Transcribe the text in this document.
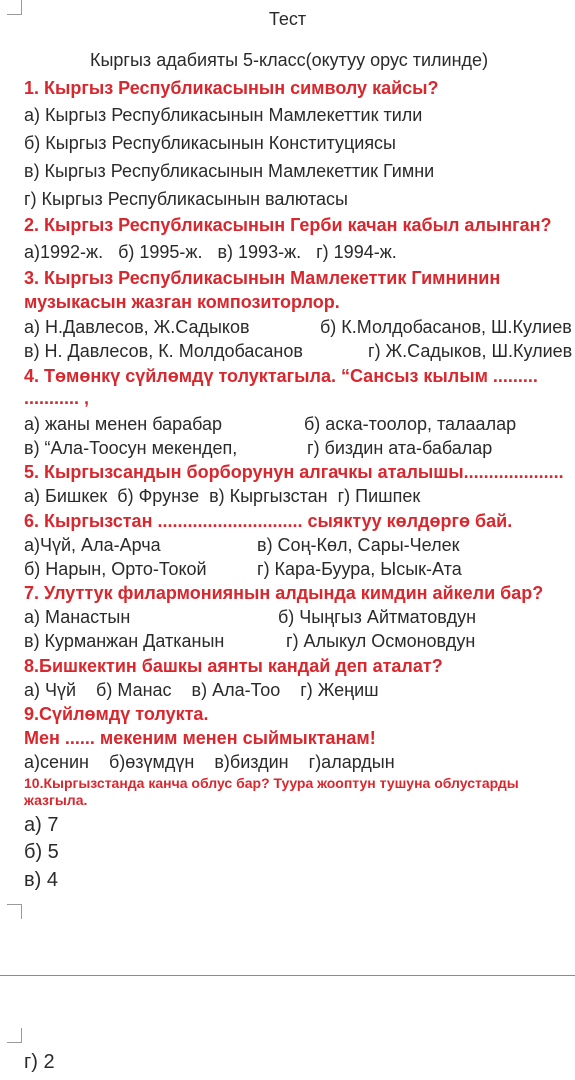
Тест
Кыргыз адабияты 5-класс(окутуу орус тилинде)
1. Кыргыз Республикасынын символу кайсы?
а) Кыргыз Республикасынын Мамлекеттик тили
б) Кыргыз Республикасынын Конституциясы
в) Кыргыз Республикасынын Мамлекеттик Гимни
г) Кыргыз Республикасынын валютасы
2. Кыргыз Республикасынын Герби качан кабыл алынган?
а)1992-ж.   б) 1995-ж.   в) 1993-ж.   г) 1994-ж.
3. Кыргыз Республикасынын Мамлекеттик Гимнинин
музыкасын жазган композиторлор.
а) Н.Давлесов, Ж.Садыков	б) К.Молдобасанов, Ш.Кулиев
в) Н. Давлесов, К. Молдобасанов	г) Ж.Садыков, Ш.Кулиев
4. Төмөнкү сүйлөмдү толуктагыла. “Сансыз кылым .........
........... ,
а) жаны менен барабар	б) аска-тоолор, талаалар
в) “Ала-Тоосун мекендеп,	г) биздин ата-бабалар
5. Кыргызсандын борборунун алгачкы аталышы....................
а) Бишкек  б) Фрунзе  в) Кыргызстан  г) Пишпек
6. Кыргызстан ............................. сыяктуу көлдөргө бай.
а)Чүй, Ала-Арча	в) Соң-Көл, Сары-Челек
б) Нарын, Орто-Токой	г) Кара-Буура, Ысык-Ата
7. Улуттук филармониянын алдында кимдин айкели бар?
а) Манастын	б) Чыңгыз Айтматовдун
в) Курманжан Датканын	г) Алыкул Осмоновдун
8.Бишкектин башкы аянты кандай деп аталат?
а) Чүй    б) Манас    в) Ала-Тоо    г) Жеңиш
9.Сүйлөмдү толукта.
Мен ...... мекеним менен сыймыктанам!
а)сенин    б)өзүмдүн    в)биздин    г)алардын
10.Кыргызстанда канча облус бар? Туура жооптун тушуна облустарды
жазгыла.
а) 7
б) 5
в) 4
г) 2
